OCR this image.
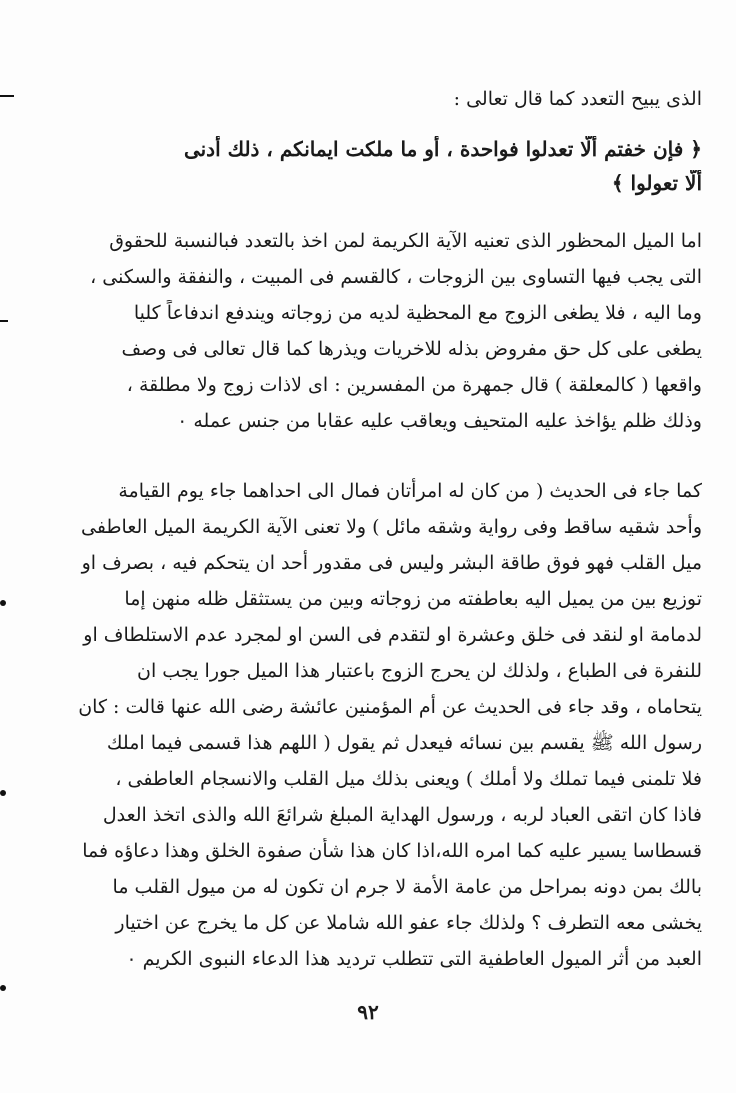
الذى يبيح التعدد كما قال تعالى :
﴿ فإن خفتم ألَّا تعدلوا فواحدة ، أو ما ملكت ايمانكم ، ذلك أدنى
ألَّا تعولوا ﴾
اما الميل المحظور الذى تعنيه الآية الكريمة لمن اخذ بالتعدد فبالنسبة للحقوق
التى يجب فيها التساوى بين الزوجات ، كالقسم فى المبيت ، والنفقة والسكنى ،
وما اليه ، فلا يطغى الزوج مع المحظية لديه من زوجاته ويندفع اندفاعاً كليا
يطغى على كل حق مفروض بذله للاخريات ويذرها كما قال تعالى فى وصف
واقعها ( كالمعلقة ) قال جمهرة من المفسرين : اى لاذات زوج ولا مطلقة ،
وذلك ظلم يؤاخذ عليه المتحيف ويعاقب عليه عقابا من جنس عمله ٠
كما جاء فى الحديث ( من كان له امرأتان فمال الى احداهما جاء يوم القيامة
وأحد شقيه ساقط وفى رواية وشقه مائل ) ولا تعنى الآية الكريمة الميل العاطفى
ميل القلب فهو فوق طاقة البشر وليس فى مقدور أحد ان يتحكم فيه ، بصرف او
توزيع بين من يميل اليه بعاطفته من زوجاته وبين من يستثقل ظله منهن إما
لدمامة او لنقد فى خلق وعشرة او لتقدم فى السن او لمجرد عدم الاستلطاف او
للنفرة فى الطباع ، ولذلك لن يحرج الزوج باعتبار هذا الميل جورا يجب ان
يتحاماه ، وقد جاء فى الحديث عن أم المؤمنين عائشة رضى الله عنها قالت : كان
رسول الله ﷺ يقسم بين نسائه فيعدل ثم يقول ( اللهم هذا قسمى فيما املك
فلا تلمنى فيما تملك ولا أملك ) ويعنى بذلك ميل القلب والانسجام العاطفى ،
فاذا كان اتقى العباد لربه ، ورسول الهداية المبلغ شرائعَ الله والذى اتخذ العدل
قسطاسا يسير عليه كما امره الله،اذا كان هذا شأن صفوة الخلق وهذا دعاؤه فما
بالك بمن دونه بمراحل من عامة الأمة لا جرم ان تكون له من ميول القلب ما
يخشى معه التطرف ؟ ولذلك جاء عفو الله شاملا عن كل ما يخرج عن اختيار
العبد من أثر الميول العاطفية التى تتطلب ترديد هذا الدعاء النبوى الكريم ٠
٩٢
